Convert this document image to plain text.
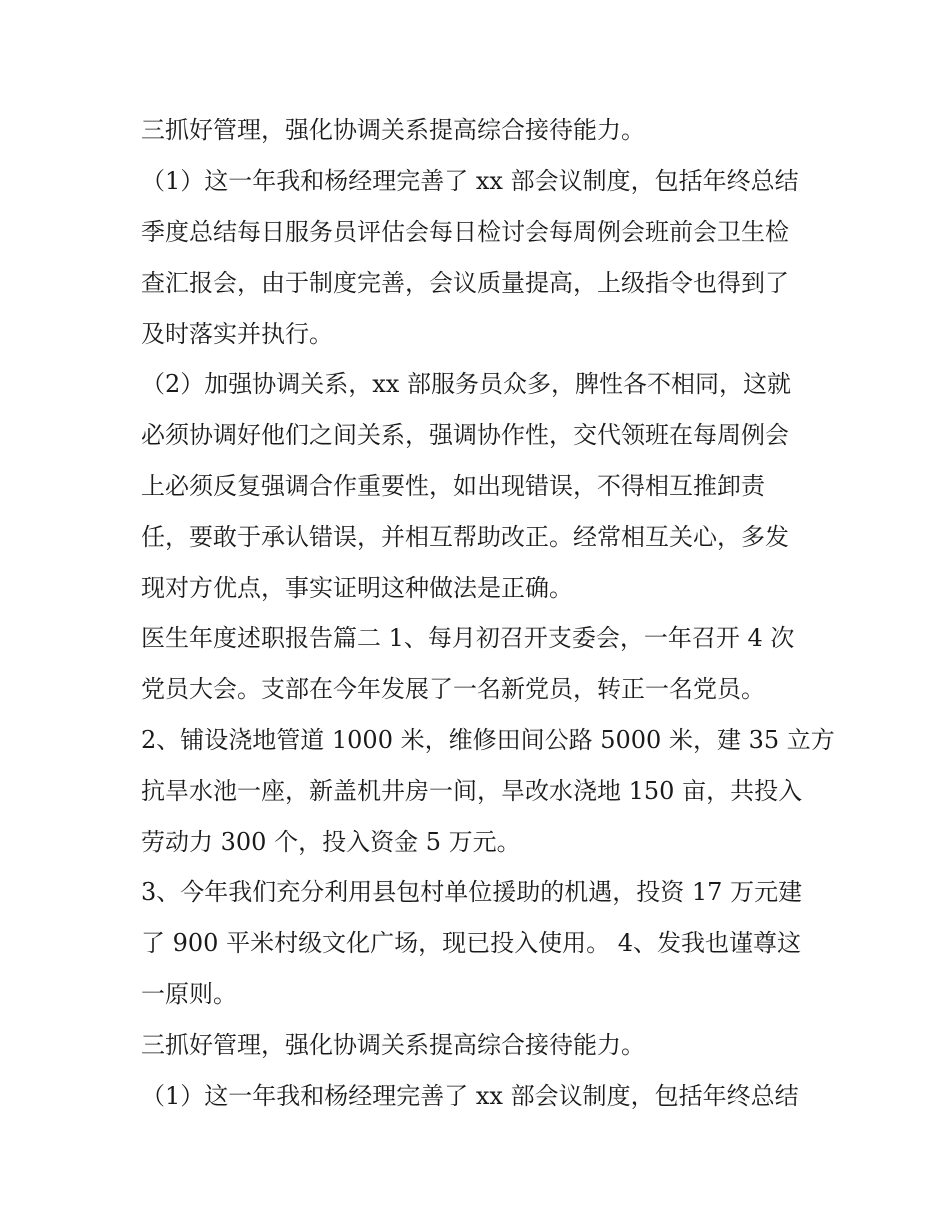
三抓好管理，强化协调关系提高综合接待能力。
（1）这一年我和杨经理完善了 xx 部会议制度，包括年终总结
季度总结每日服务员评估会每日检讨会每周例会班前会卫生检
查汇报会，由于制度完善，会议质量提高，上级指令也得到了
及时落实并执行。
（2）加强协调关系，xx 部服务员众多，脾性各不相同，这就
必须协调好他们之间关系，强调协作性，交代领班在每周例会
上必须反复强调合作重要性，如出现错误，不得相互推卸责
任，要敢于承认错误，并相互帮助改正。经常相互关心，多发
现对方优点，事实证明这种做法是正确。
医生年度述职报告篇二 1、每月初召开支委会，一年召开 4 次
党员大会。支部在今年发展了一名新党员，转正一名党员。
2、铺设浇地管道 1000 米，维修田间公路 5000 米，建 35 立方
抗旱水池一座，新盖机井房一间，旱改水浇地 150 亩，共投入
劳动力 300 个，投入资金 5 万元。
3、今年我们充分利用县包村单位援助的机遇，投资 17 万元建
了 900 平米村级文化广场，现已投入使用。 4、发我也谨尊这
一原则。
三抓好管理，强化协调关系提高综合接待能力。
（1）这一年我和杨经理完善了 xx 部会议制度，包括年终总结
